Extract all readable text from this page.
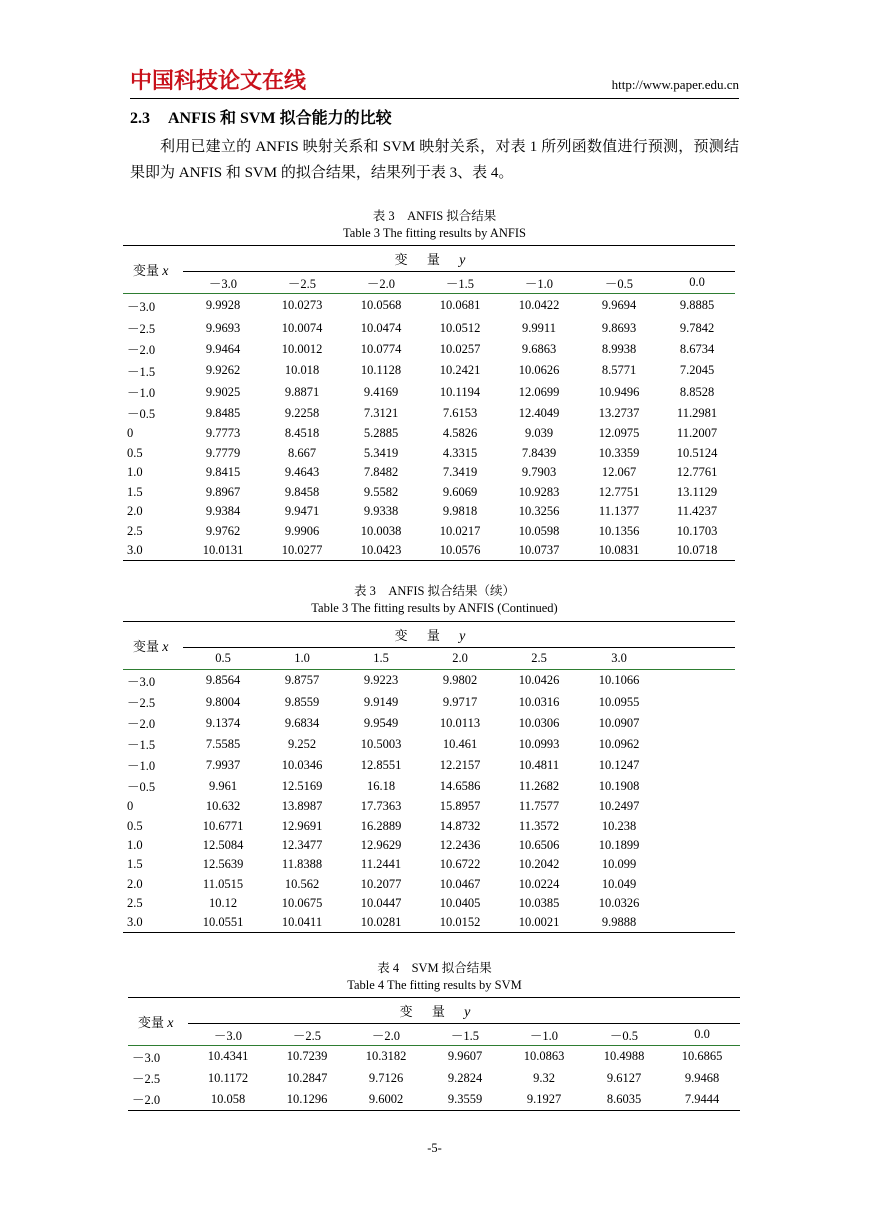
中国科技论文在线	http://www.paper.edu.cn
2.3 ANFIS 和 SVM 拟合能力的比较
利用已建立的 ANFIS 映射关系和 SVM 映射关系，对表 1 所列函数值进行预测，预测结果即为 ANFIS 和 SVM 的拟合结果，结果列于表 3、表 4。
表 3　ANFIS 拟合结果
Table 3 The fitting results by ANFIS
变量 x	变 量 y						
	－3.0	－2.5	－2.0	－1.5	－1.0	－0.5	0.0
－3.0	9.9928	10.0273	10.0568	10.0681	10.0422	9.9694	9.8885
－2.5	9.9693	10.0074	10.0474	10.0512	9.9911	9.8693	9.7842
－2.0	9.9464	10.0012	10.0774	10.0257	9.6863	8.9938	8.6734
－1.5	9.9262	10.018	10.1128	10.2421	10.0626	8.5771	7.2045
－1.0	9.9025	9.8871	9.4169	10.1194	12.0699	10.9496	8.8528
－0.5	9.8485	9.2258	7.3121	7.6153	12.4049	13.2737	11.2981
0	9.7773	8.4518	5.2885	4.5826	9.039	12.0975	11.2007
0.5	9.7779	8.667	5.3419	4.3315	7.8439	10.3359	10.5124
1.0	9.8415	9.4643	7.8482	7.3419	9.7903	12.067	12.7761
1.5	9.8967	9.8458	9.5582	9.6069	10.9283	12.7751	13.1129
2.0	9.9384	9.9471	9.9338	9.9818	10.3256	11.1377	11.4237
2.5	9.9762	9.9906	10.0038	10.0217	10.0598	10.1356	10.1703
3.0	10.0131	10.0277	10.0423	10.0576	10.0737	10.0831	10.0718
表 3　ANFIS 拟合结果（续）
Table 3 The fitting results by ANFIS (Continued)
变量 x	变 量 y						
	0.5	1.0	1.5	2.0	2.5	3.0	
－3.0	9.8564	9.8757	9.9223	9.9802	10.0426	10.1066	
－2.5	9.8004	9.8559	9.9149	9.9717	10.0316	10.0955	
－2.0	9.1374	9.6834	9.9549	10.0113	10.0306	10.0907	
－1.5	7.5585	9.252	10.5003	10.461	10.0993	10.0962	
－1.0	7.9937	10.0346	12.8551	12.2157	10.4811	10.1247	
－0.5	9.961	12.5169	16.18	14.6586	11.2682	10.1908	
0	10.632	13.8987	17.7363	15.8957	11.7577	10.2497	
0.5	10.6771	12.9691	16.2889	14.8732	11.3572	10.238	
1.0	12.5084	12.3477	12.9629	12.2436	10.6506	10.1899	
1.5	12.5639	11.8388	11.2441	10.6722	10.2042	10.099	
2.0	11.0515	10.562	10.2077	10.0467	10.0224	10.049	
2.5	10.12	10.0675	10.0447	10.0405	10.0385	10.0326	
3.0	10.0551	10.0411	10.0281	10.0152	10.0021	9.9888	
表 4　SVM 拟合结果
Table 4 The fitting results by SVM
变量 x	变 量 y						
	－3.0	－2.5	－2.0	－1.5	－1.0	－0.5	0.0
－3.0	10.4341	10.7239	10.3182	9.9607	10.0863	10.4988	10.6865
－2.5	10.1172	10.2847	9.7126	9.2824	9.32	9.6127	9.9468
－2.0	10.058	10.1296	9.6002	9.3559	9.1927	8.6035	7.9444
-5-
